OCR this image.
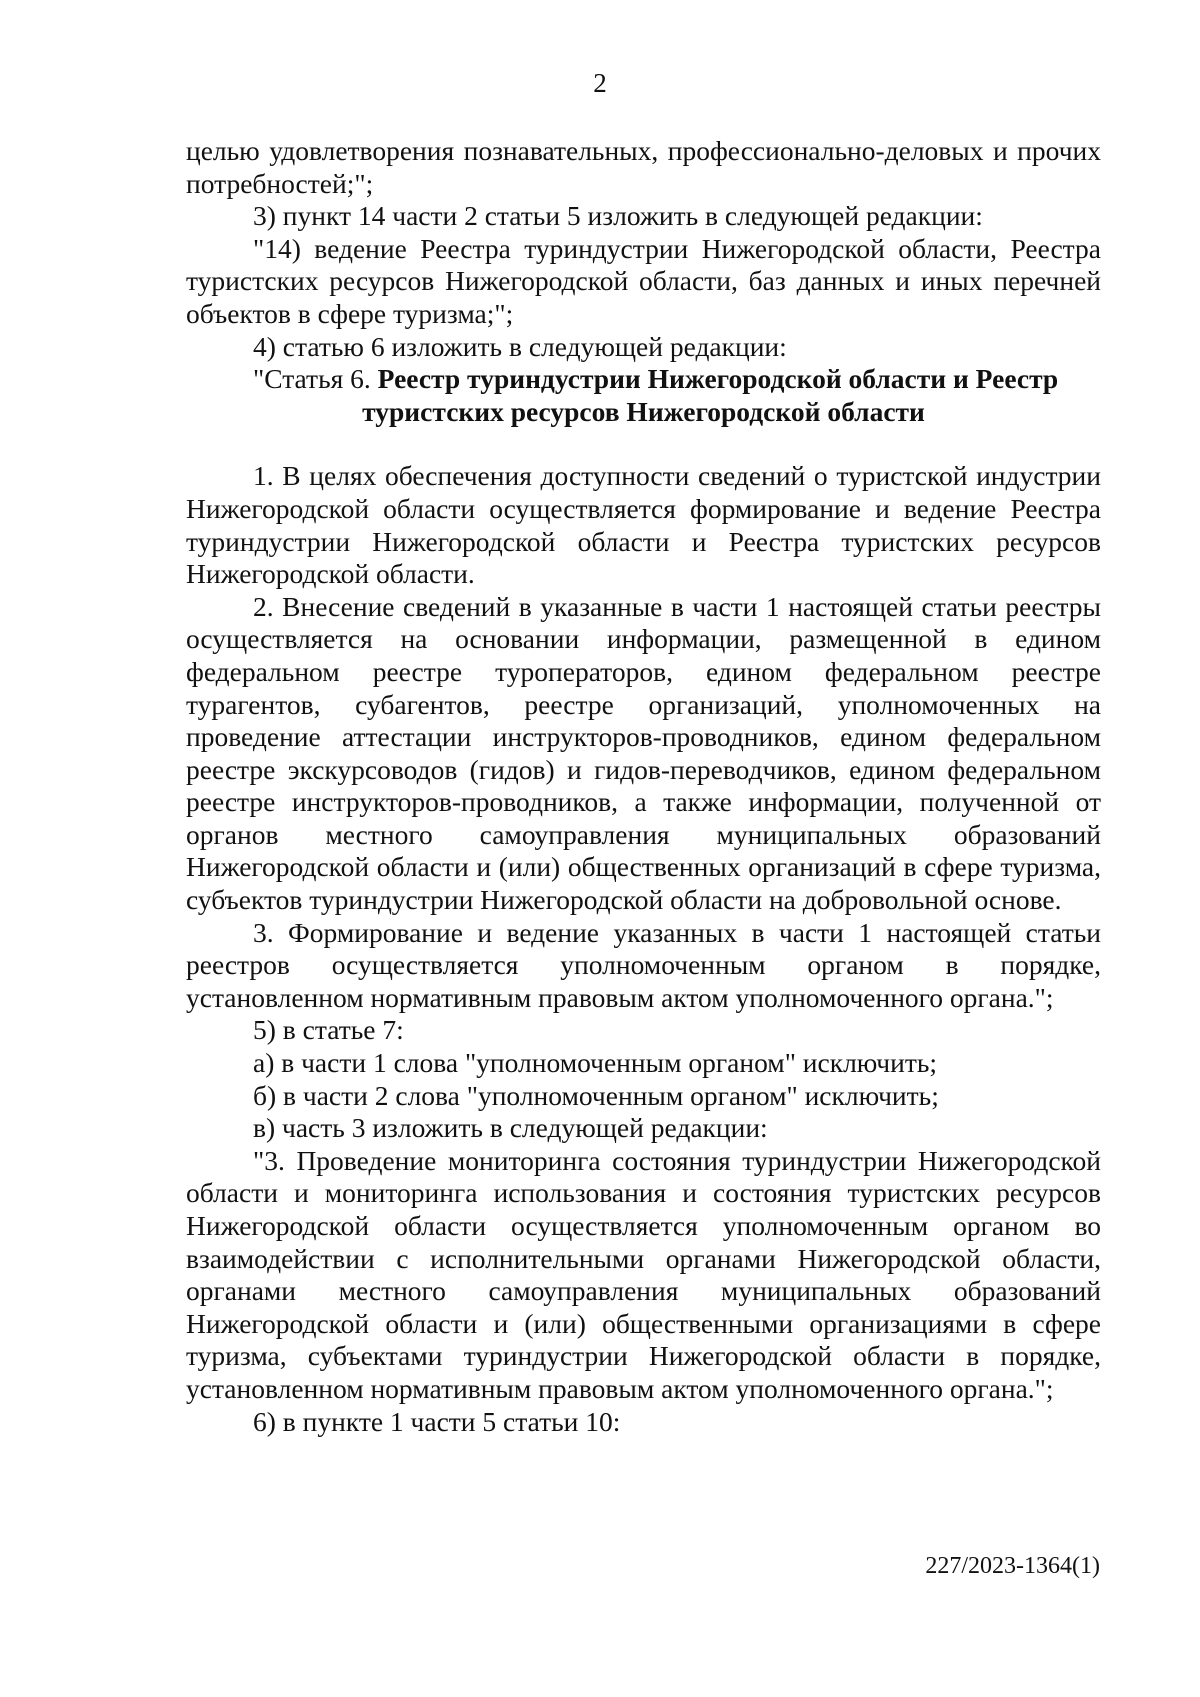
2

целью удовлетворения познавательных, профессионально-деловых и прочих потребностей;";

3) пункт 14 части 2 статьи 5 изложить в следующей редакции:

"14) ведение Реестра туриндустрии Нижегородской области, Реестра туристских ресурсов Нижегородской области, баз данных и иных перечней объектов в сфере туризма;";

4) статью 6 изложить в следующей редакции:

"Статья 6. Реестр туриндустрии Нижегородской области и Реестр
туристских ресурсов Нижегородской области

1. В целях обеспечения доступности сведений о туристской индустрии Нижегородской области осуществляется формирование и ведение Реестра туриндустрии Нижегородской области и Реестра туристских ресурсов Нижегородской области.

2. Внесение сведений в указанные в части 1 настоящей статьи реестры осуществляется на основании информации, размещенной в едином федеральном реестре туроператоров, едином федеральном реестре турагентов, субагентов, реестре организаций, уполномоченных на проведение аттестации инструкторов-проводников, едином федеральном реестре экскурсоводов (гидов) и гидов-переводчиков, едином федеральном реестре инструкторов-проводников, а также информации, полученной от органов местного самоуправления муниципальных образований Нижегородской области и (или) общественных организаций в сфере туризма, субъектов туриндустрии Нижегородской области на добровольной основе.

3. Формирование и ведение указанных в части 1 настоящей статьи реестров осуществляется уполномоченным органом в порядке, установленном нормативным правовым актом уполномоченного органа.";

5) в статье 7:

а) в части 1 слова "уполномоченным органом" исключить;

б) в части 2 слова "уполномоченным органом" исключить;

в) часть 3 изложить в следующей редакции:

"3. Проведение мониторинга состояния туриндустрии Нижегородской области и мониторинга использования и состояния туристских ресурсов Нижегородской области осуществляется уполномоченным органом во взаимодействии с исполнительными органами Нижегородской области, органами местного самоуправления муниципальных образований Нижегородской области и (или) общественными организациями в сфере туризма, субъектами туриндустрии Нижегородской области в порядке, установленном нормативным правовым актом уполномоченного органа.";

6) в пункте 1 части 5 статьи 10:

227/2023-1364(1)
